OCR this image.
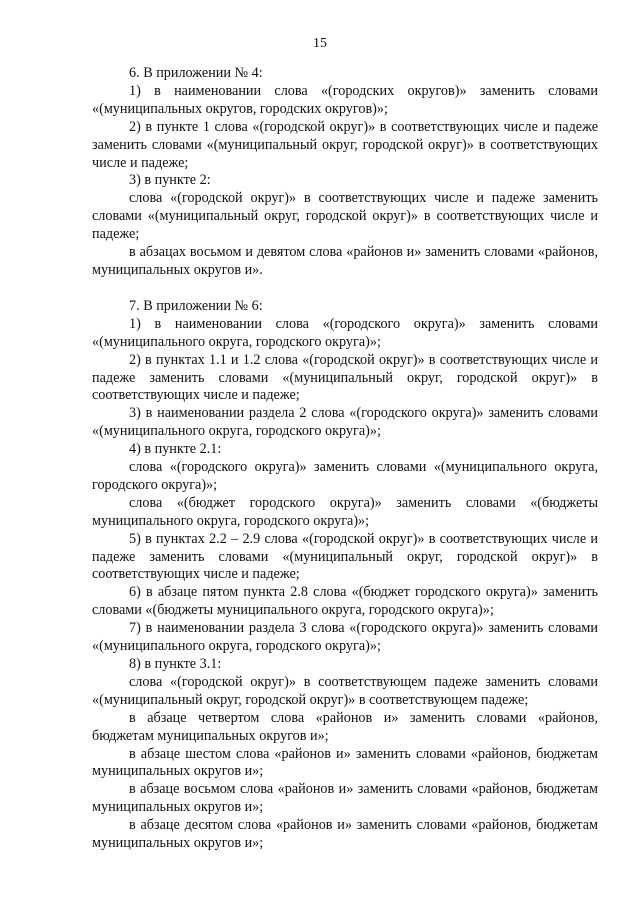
15

6. В приложении № 4:

1) в наименовании слова «(городских округов)» заменить словами «(муниципальных округов, городских округов)»;

2) в пункте 1 слова «(городской округ)» в соответствующих числе и падеже заменить словами «(муниципальный округ, городской округ)» в соответствующих числе и падеже;

3) в пункте 2:

слова «(городской округ)» в соответствующих числе и падеже заменить словами «(муниципальный округ, городской округ)» в соответствующих числе и падеже;

в абзацах восьмом и девятом слова «районов и» заменить словами «районов, муниципальных округов и».

7. В приложении № 6:

1) в наименовании слова «(городского округа)» заменить словами «(муниципального округа, городского округа)»;

2) в пунктах 1.1 и 1.2 слова «(городской округ)» в соответствующих числе и падеже заменить словами «(муниципальный округ, городской округ)» в соответствующих числе и падеже;

3) в наименовании раздела 2 слова «(городского округа)» заменить словами «(муниципального округа, городского округа)»;

4) в пункте 2.1:

слова «(городского округа)» заменить словами «(муниципального округа, городского округа)»;

слова «(бюджет городского округа)» заменить словами «(бюджеты муниципального округа, городского округа)»;

5) в пунктах 2.2 – 2.9 слова «(городской округ)» в соответствующих числе и падеже заменить словами «(муниципальный округ, городской округ)» в соответствующих числе и падеже;

6) в абзаце пятом пункта 2.8 слова «(бюджет городского округа)» заменить словами «(бюджеты муниципального округа, городского округа)»;

7) в наименовании раздела 3 слова «(городского округа)» заменить словами «(муниципального округа, городского округа)»;

8) в пункте 3.1:

слова «(городской округ)» в соответствующем падеже заменить словами «(муниципальный округ, городской округ)» в соответствующем падеже;

в абзаце четвертом слова «районов и» заменить словами «районов, бюджетам муниципальных округов и»;

в абзаце шестом слова «районов и» заменить словами «районов, бюджетам муниципальных округов и»;

в абзаце восьмом слова «районов и» заменить словами «районов, бюджетам муниципальных округов и»;

в абзаце десятом слова «районов и» заменить словами «районов, бюджетам муниципальных округов и»;
